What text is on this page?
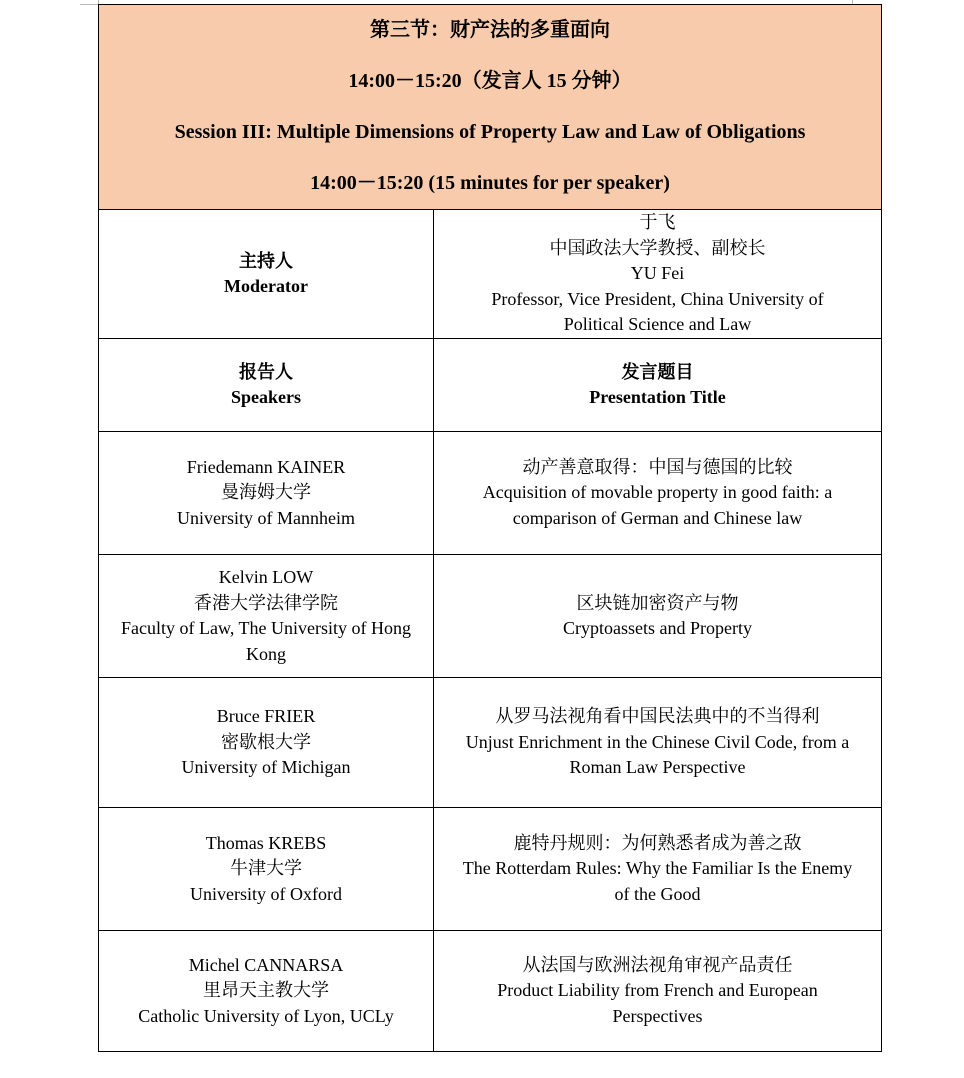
第三节：财产法的多重面向
14:00－15:20（发言人 15 分钟）
Session III: Multiple Dimensions of Property Law and Law of Obligations
14:00－15:20 (15 minutes for per speaker)	

主持人
Moderator	于飞
中国政法大学教授、副校长
YU Fei
Professor, Vice President, China University of
Political Science and Law

报告人
Speakers	发言题目
Presentation Title

Friedemann KAINER
曼海姆大学
University of Mannheim	动产善意取得：中国与德国的比较
Acquisition of movable property in good faith: a
comparison of German and Chinese law

Kelvin LOW
香港大学法律学院
Faculty of Law, The University of Hong
Kong	区块链加密资产与物
Cryptoassets and Property

Bruce FRIER
密歇根大学
University of Michigan	从罗马法视角看中国民法典中的不当得利
Unjust Enrichment in the Chinese Civil Code, from a
Roman Law Perspective

Thomas KREBS
牛津大学
University of Oxford	鹿特丹规则：为何熟悉者成为善之敌
The Rotterdam Rules: Why the Familiar Is the Enemy
of the Good

Michel CANNARSA
里昂天主教大学
Catholic University of Lyon, UCLy	从法国与欧洲法视角审视产品责任
Product Liability from French and European
Perspectives
